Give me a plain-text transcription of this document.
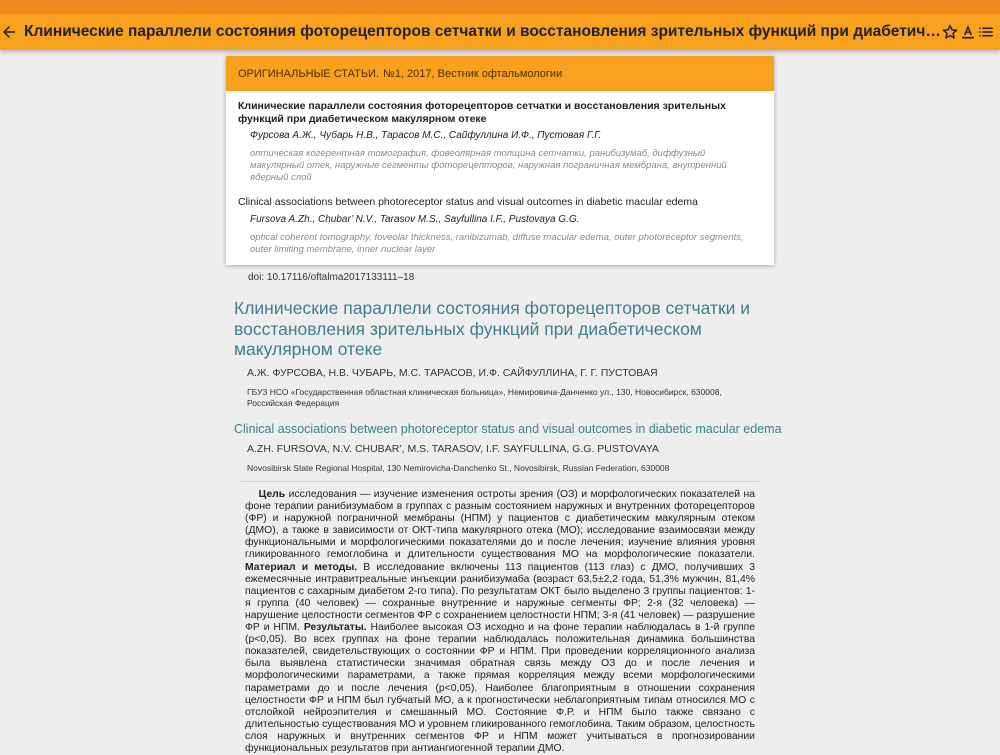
Клинические параллели состояния фоторецепторов сетчатки и восстановления зрительных функций при диабетич…
ОРИГИНАЛЬНЫЕ СТАТЬИ. №1, 2017, Вестник офтальмологии
Клинические параллели состояния фоторецепторов сетчатки и восстановления зрительных функций при диабетическом макулярном отеке
Фурсова А.Ж., Чубарь Н.В., Тарасов М.С., Сайфуллина И.Ф., Пустовая Г.Г.
оптическая когерентная томография, фовеолярная толщина сетчатки, ранибизумаб, диффузный макулярный отек, наружные сегменты фоторецепторов, наружная пограничная мембрана, внутренний ядерный слой
Clinical associations between photoreceptor status and visual outcomes in diabetic macular edema
Fursova A.Zh., Chubar’ N.V., Tarasov M.S., Sayfullina I.F., Pustovaya G.G.
optical coherent tomography, foveolar thickness, ranibizumab, diffuse macular edema, outer photoreceptor segments, outer limiting membrane, inner nuclear layer
doi: 10.17116/oftalma2017133111–18
Клинические параллели состояния фоторецепторов сетчатки и восстановления зрительных функций при диабетическом макулярном отеке
А.Ж. ФУРСОВА, Н.В. ЧУБАРЬ, М.С. ТАРАСОВ, И.Ф. САЙФУЛЛИНА, Г. Г. ПУСТОВАЯ
ГБУЗ НСО «Государственная областная клиническая больница», Немировича-Данченко ул., 130, Новосибирск, 630008, Российская Федерация
Clinical associations between photoreceptor status and visual outcomes in diabetic macular edema
A.ZH. FURSOVA, N.V. CHUBAR’, M.S. TARASOV, I.F. SAYFULLINA, G.G. PUSTOVAYA
Novosibirsk State Regional Hospital, 130 Nemirovicha-Danchenko St., Novosibirsk, Russian Federation, 630008
Цель исследования — изучение изменения остроты зрения (ОЗ) и морфологических показателей на фоне терапии ранибизумабом в группах с разным состоянием наружных и внутренних фоторецепторов (ФР) и наружной пограничной мембраны (НПМ) у пациентов с диабетическим макулярным отеком (ДМО), а также в зависимости от ОКТ-типа макулярного отека (МО); исследование взаимосвязи между функциональными и морфологическими показателями до и после лечения; изучение влияния уровня гликированного гемоглобина и длительности существования МО на морфологические показатели. Материал и методы. В исследование включены 113 пациентов (113 глаз) с ДМО, получивших 3 ежемесячные интравитреальные инъекции ранибизумаба (возраст 63,5±2,2 года, 51,3% мужчин, 81,4% пациентов с сахарным диабетом 2-го типа). По результатам ОКТ было выделено 3 группы пациентов: 1-я группа (40 человек) — сохранные внутренние и наружные сегменты ФР; 2-я (32 человека) — нарушение целостности сегментов ФР с сохранением целостности НПМ; 3-я (41 человек) — разрушение ФР и НПМ. Результаты. Наиболее высокая ОЗ исходно и на фоне терапии наблюдалась в 1-й группе (p<0,05). Во всех группах на фоне терапии наблюдалась положительная динамика большинства показателей, свидетельствующих о состоянии ФР и НПМ. При проведении корреляционного анализа была выявлена статистически значимая обратная связь между ОЗ до и после лечения и морфологическими параметрами, а также прямая корреляция между всеми морфологическими параметрами до и после лечения (p<0,05). Наиболее благоприятным в отношении сохранения целостности ФР и НПМ был губчатый МО, а к прогностически неблагоприятным типам относился МО с отслойкой нейроэпителия и смешанный МО. Состояние Ф.Р. и НПМ было также связано с длительностью существования МО и уровнем гликированного гемоглобина. Таким образом, целостность слоя наружных и внутренних сегментов ФР и НПМ может учитываться в прогнозировании функциональных результатов при антиангиогенной терапии ДМО.
